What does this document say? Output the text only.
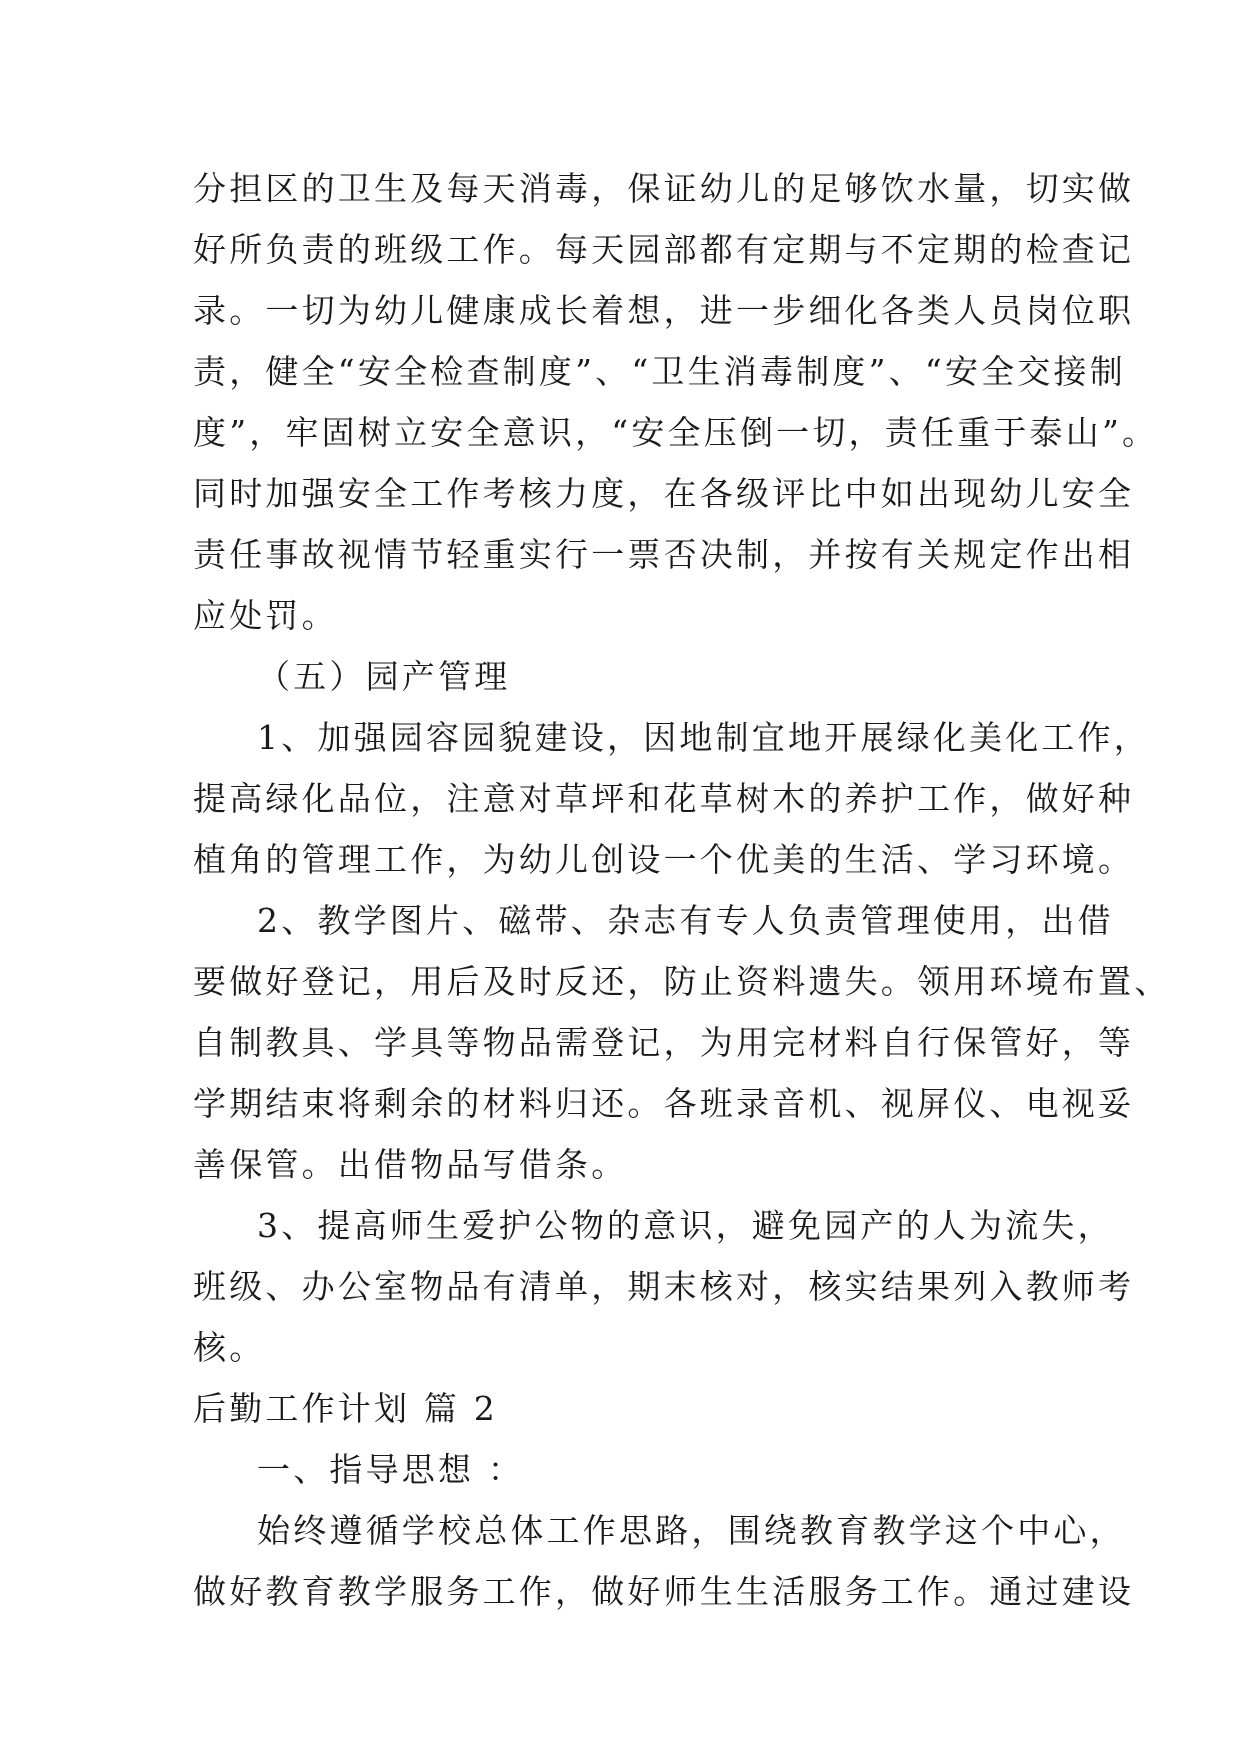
分担区的卫生及每天消毒，保证幼儿的足够饮水量，切实做
好所负责的班级工作。每天园部都有定期与不定期的检查记
录。一切为幼儿健康成长着想，进一步细化各类人员岗位职
责，健全“安全检查制度”、“卫生消毒制度”、“安全交接制
度”，牢固树立安全意识，“安全压倒一切，责任重于泰山”。
同时加强安全工作考核力度，在各级评比中如出现幼儿安全
责任事故视情节轻重实行一票否决制，并按有关规定作出相
应处罚。
（五）园产管理
1、加强园容园貌建设，因地制宜地开展绿化美化工作，
提高绿化品位，注意对草坪和花草树木的养护工作，做好种
植角的管理工作，为幼儿创设一个优美的生活、学习环境。
2、教学图片、磁带、杂志有专人负责管理使用，出借
要做好登记，用后及时反还，防止资料遗失。领用环境布置、
自制教具、学具等物品需登记，为用完材料自行保管好，等
学期结束将剩余的材料归还。各班录音机、视屏仪、电视妥
善保管。出借物品写借条。
3、提高师生爱护公物的意识，避免园产的人为流失，
班级、办公室物品有清单，期末核对，核实结果列入教师考
核。
后勤工作计划 篇 2
一、指导思想 ：
始终遵循学校总体工作思路，围绕教育教学这个中心，
做好教育教学服务工作，做好师生生活服务工作。通过建设
